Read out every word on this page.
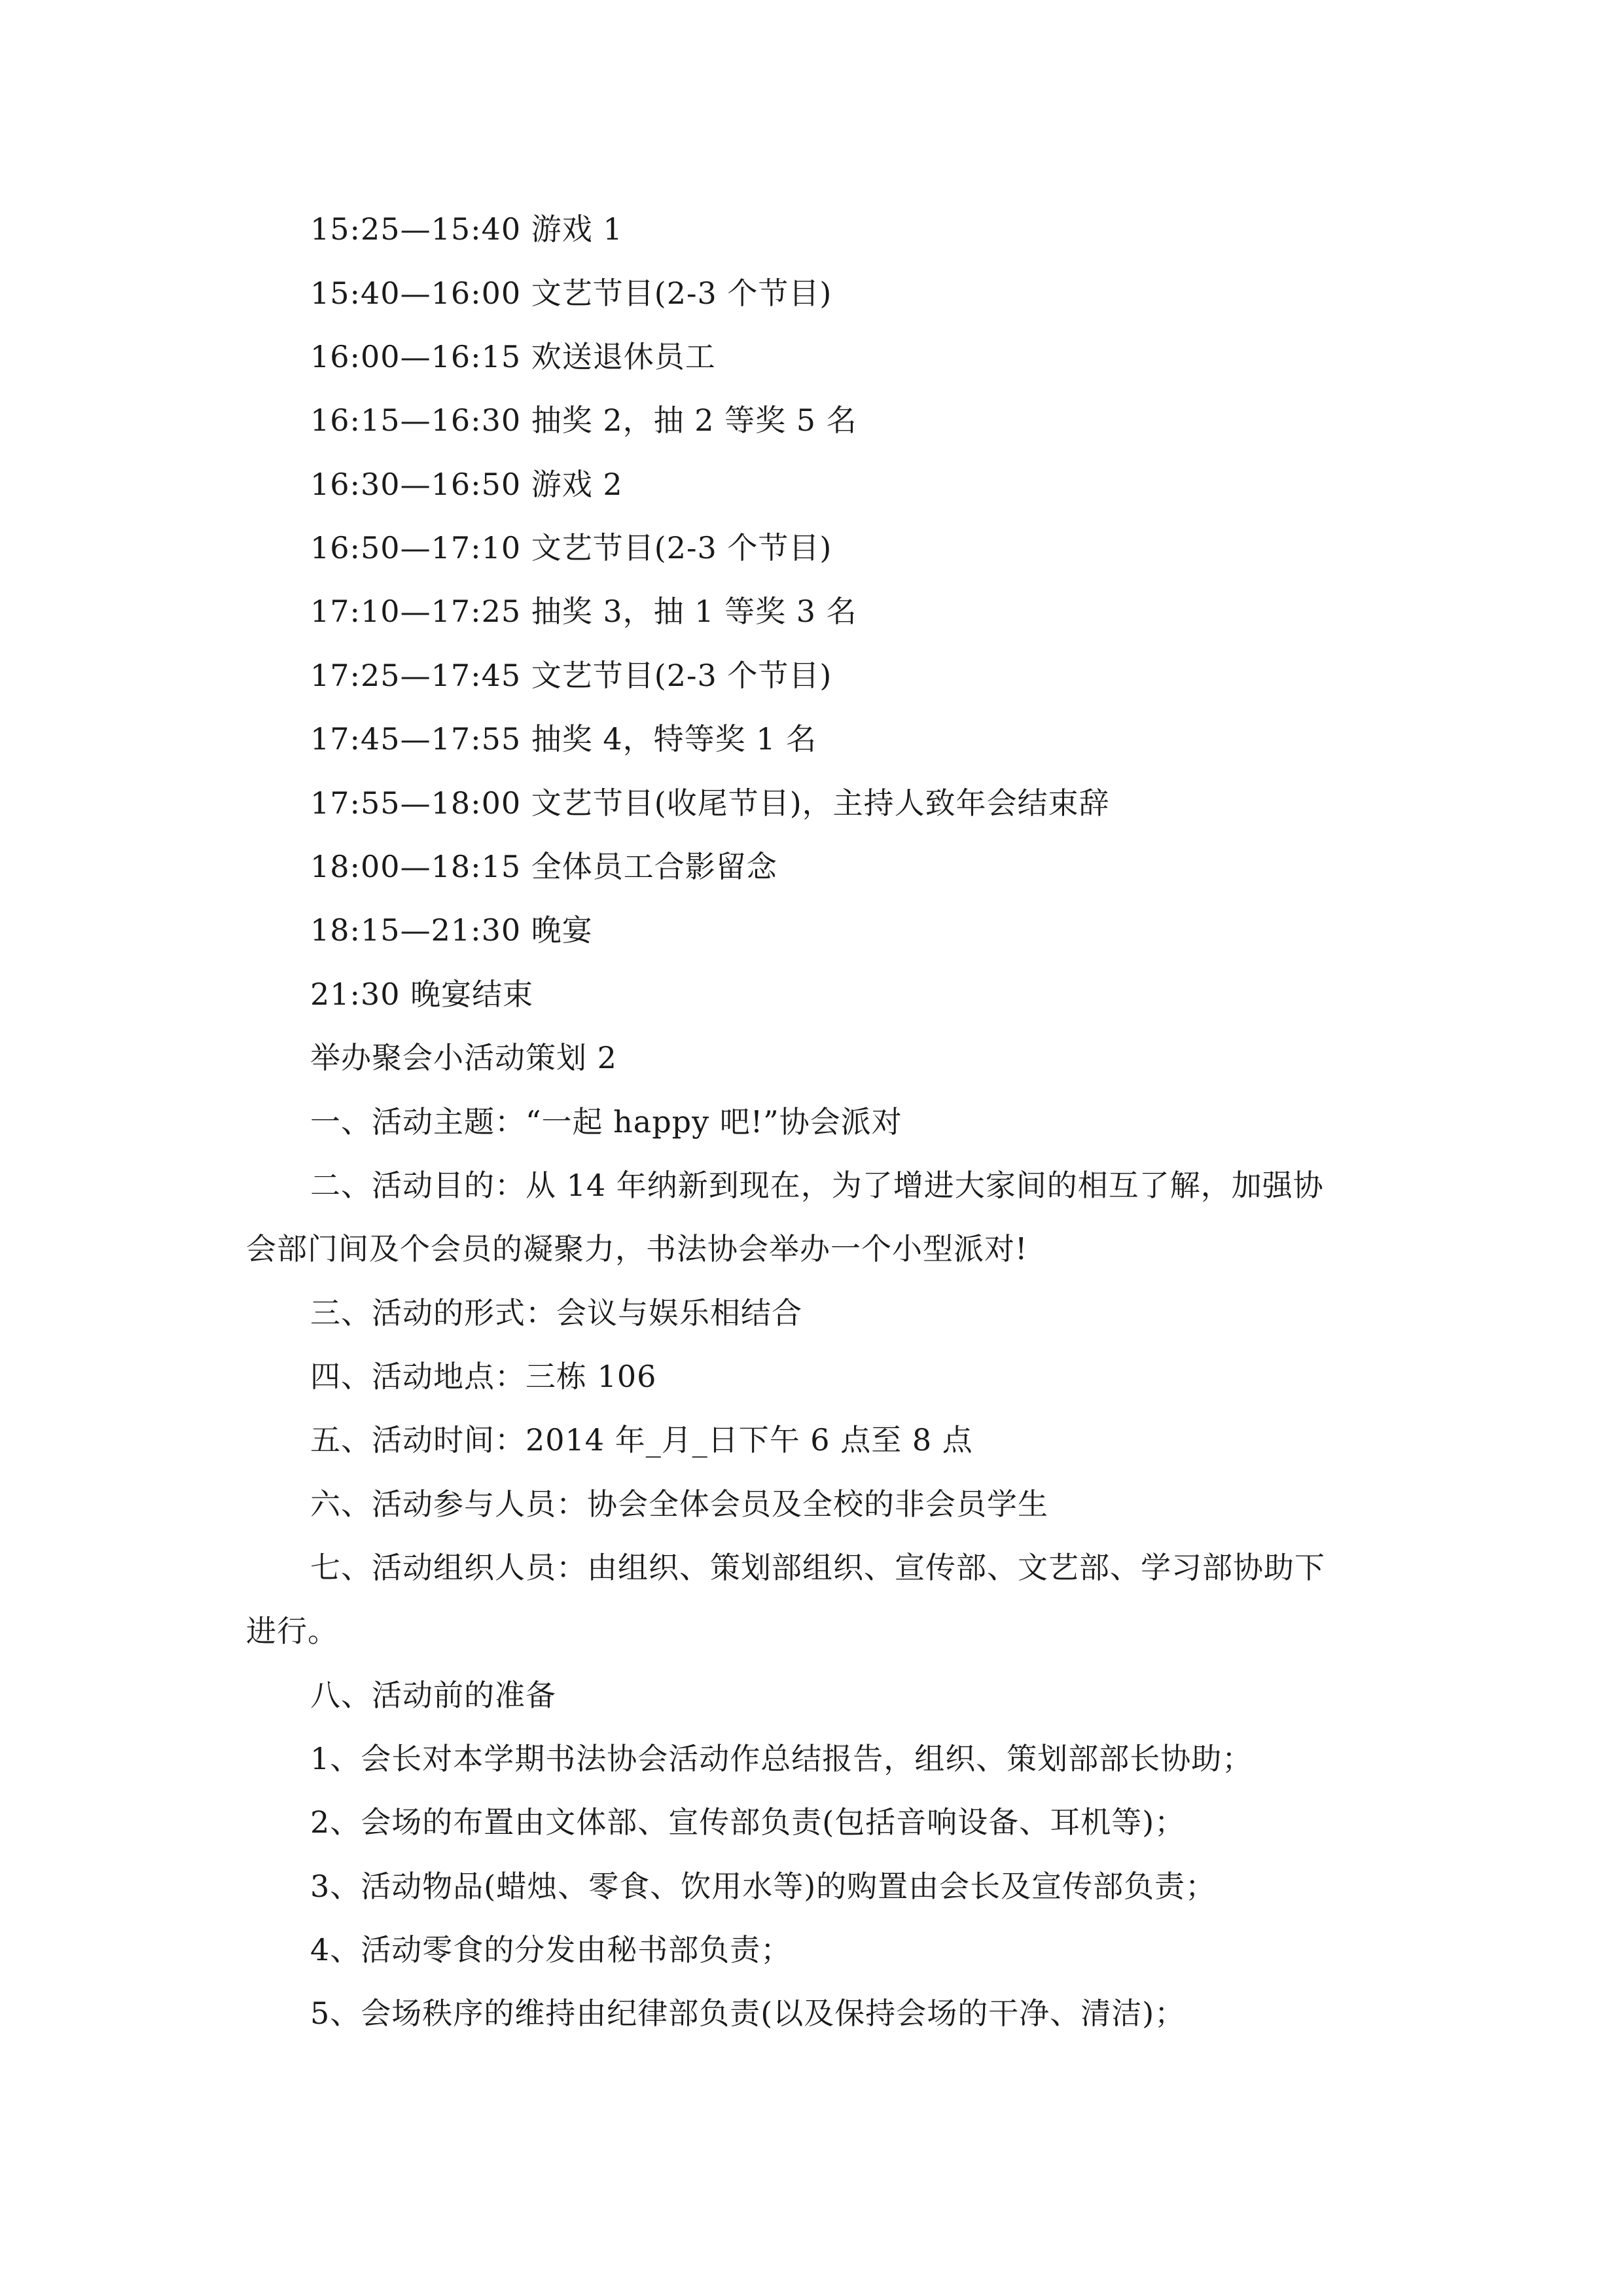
15:25—15:40 游戏 1
15:40—16:00 文艺节目(2-3 个节目)
16:00—16:15 欢送退休员工
16:15—16:30 抽奖 2，抽 2 等奖 5 名
16:30—16:50 游戏 2
16:50—17:10 文艺节目(2-3 个节目)
17:10—17:25 抽奖 3，抽 1 等奖 3 名
17:25—17:45 文艺节目(2-3 个节目)
17:45—17:55 抽奖 4，特等奖 1 名
17:55—18:00 文艺节目(收尾节目)，主持人致年会结束辞
18:00—18:15 全体员工合影留念
18:15—21:30 晚宴
21:30 晚宴结束
举办聚会小活动策划 2
一、活动主题：“一起 happy 吧!”协会派对
二、活动目的：从 14 年纳新到现在，为了增进大家间的相互了解，加强协
会部门间及个会员的凝聚力，书法协会举办一个小型派对!
三、活动的形式：会议与娱乐相结合
四、活动地点：三栋 106
五、活动时间：2014 年_月_日下午 6 点至 8 点
六、活动参与人员：协会全体会员及全校的非会员学生
七、活动组织人员：由组织、策划部组织、宣传部、文艺部、学习部协助下
进行。
八、活动前的准备
1、会长对本学期书法协会活动作总结报告，组织、策划部部长协助；
2、会场的布置由文体部、宣传部负责(包括音响设备、耳机等)；
3、活动物品(蜡烛、零食、饮用水等)的购置由会长及宣传部负责；
4、活动零食的分发由秘书部负责；
5、会场秩序的维持由纪律部负责(以及保持会场的干净、清洁)；
